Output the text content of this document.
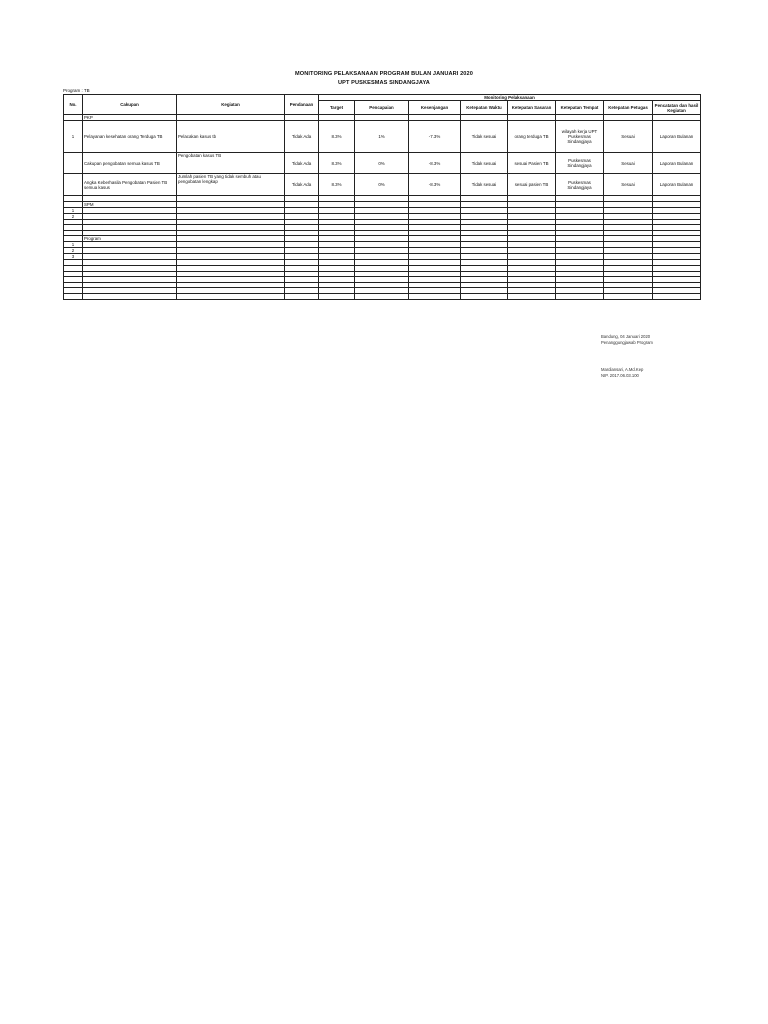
MONITORING PELAKSANAAN PROGRAM BULAN JANUARI 2020
UPT PUSKESMAS SINDANGJAYA
Program : TB
No.	Cakupan	Kegiatan	Pendanaan	Monitoring Pelaksanaan							
				Target	Pencapaian	Kesenjangan	Ketepatan Waktu	Ketepatan Sasaran	Ketepatan Tempat	Ketepatan Petugas	Pencatatan dan hasil Kegiatan
	PKP										
1	Pelayanan kesehatan orang Terduga TB	Pelacakan kasus tb	Tidak Ada	8.3%	1%	-7.3%	Tidak sesuai	orang terduga TB	wilayah kerja UPT Puskesmas Sindangjaya	Sesuai	Laporan Bulanan
	Cakupan pengobatan semua kasus TB	Pengobatan kasus TB	Tidak Ada	8.3%	0%	-8.3%	Tidak sesuai	sesuai Pasien TB	Puskesmas Sindangjaya	Sesuai	Laporan Bulanan
	Angka Keberhasila Pengobatan Pasien TB semua kasus	Jumlah pasien TB yang tidak sembuh atau pengobatan lengkap	Tidak Ada	8.3%	0%	-8.3%	Tidak sesuai	sesuai pasien TB	Puskesmas Sindangjaya	Sesuai	Laporan Bulanan

	SPM										
1											
2											

	Program										
1											
2											
3											

Bandung, 04 Januari 2020
Penanggungjawab Program
Mardiansari, A.Md.Kep
NIP. 2017.06.03.100
